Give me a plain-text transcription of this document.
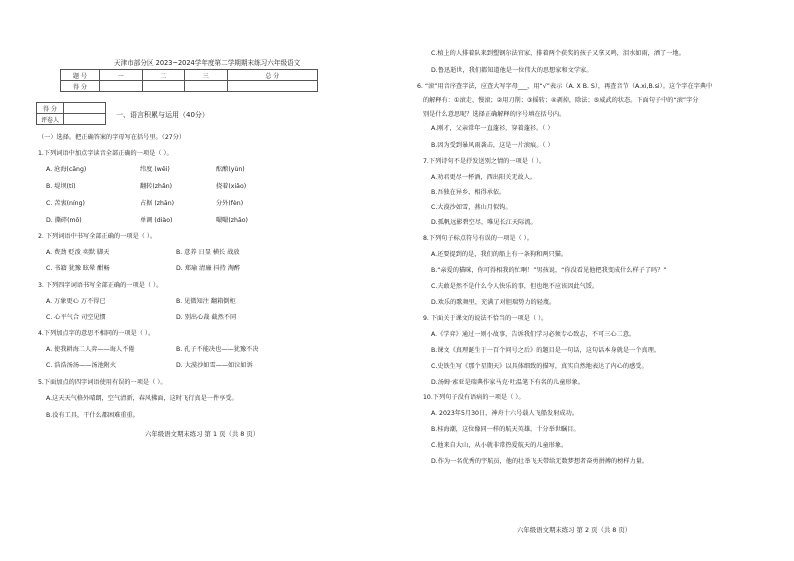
天津市部分区 2023~2024学年度第二学期期末练习六年级语文
题 号	一	二	三	总 分
得 分				
得 分	
评卷人	
一、语言积累与运用（40分）
（一）选择。把正确答案的字母写在括号里。（27分）
1.下列词语中加点字读音全部正确的一项是（ ）。
A. 沧海(cāng)	纬度 (wěi)	酝酿(yùn)
B. 堤坝(tí)	翻转(zhǎn)	挠着(xiǎo)
C. 苦衷(níng)	占据 (zhān)	分外(fèn)
D. 撕碎(mō)	单调 (diào)	嘬嘬(zhāo)
2. 下列词语中书写全部正确的一项是（ ）。
A. 费劲 贬泼 奕默 脚天	B. 意养 日显 横长 战放
C. 书籍 犹豫 眩晕 酣畅	D. 郑瑜 清廉 抖持 淘醉
3. 下列四字词语书写全部正确的一项是（ ）。
A. 万象更心 万不得已	B. 见微知注 翻箱倒柜
C. 心平气合 司空见惯	D. 别出心裁 截然不同
4.下列加点字的意思不相同的一项是（ ）。
A. 使我耕海二人弈——诲人不倦	B. 孔子不能决也——犹豫不决
C. 浩浩汤汤——汤池附火	D. 大漠沙如雪——如泣如诉
5.下面加点的四字词语使用有误的一项是（ ）。
A.这天天气格外晴朗，空气清新，春风拂面，这时飞行真是一件享受。
B.没有工具，干什么都困难重重。
六年级语文期末练习 第 1 页（共 8 页）
C.植上的人排着队来到塑钢尔法官家，排着两个获奖的孩子又拿又鸣，泪水如雨，洒了一地。
D.鲁迅逝世，我们都知道他是一位伟大的思想家和文学家。
6. “滚”用音序查字法，应查大写字母___，用“√”表示（A. X B. S），再查音节（A.xi,B.si）。这个字在字典中
的解释有：①滚走、慢滚；②用刀削；③摇转；④剥掉，除法；⑤威武的状态。下面句子中的“滚”字分
别是什么意思呢？选择正确解释的序号填在括号内。
A.刚才，父亲常年一直蓬衫，穿着蓬衫。（ ）
B.因为受到暴风雨袭击，这是一片滚痕。（ ）
7.下列诗句不是抒发送别之情的一项是（ ）。
A.劝君更尽一杯酒，西出阳关无故人。
B.吾独在异乡，相得承依。
C.大漠沙如雪，燕山月似钩。
D.孤帆远影碧空尽，唯见长江天际流。
8.下列句子标点符号有误的一项是（ ）。
A.还要提到的是，我们的船上有一条狗和两只猫。
B.“亲爱的猫咪，你可得相我的忙啊！”男孩说，“你没看见他把我变成什么样子了吗？”
C.夫敢是然不是什么令人快乐的事，但也绝不应该因此气馁。
D.欢乐的歌舞里，充满了对胆瑞势力的轻蔑。
9. 下面关于课文的说法不恰当的一项是（ ）。
A.《学弈》通过一则小故事，告诉我们学习必须专心致志，不可三心二意。
B.课文《真理诞生于一百个问号之后》的题目是一句话，这句话本身就是一个真理。
C.史铁生写《那个星期天》以具体细致的描写，真实自然地表达了内心的感受。
D.汤姆·索亚是瑞典作家马克·吐温笔下有名的儿童形象。
10.下列句子没有语病的一项是（ ）。
A. 2023年5月30日，神舟十六号载人飞船发射成功。
B.桂海潮，这位像同一样的航天英雄，十分举世瞩目。
C.他来自大山，从小就非常热爱航天的儿童形象。
D.作为一名优秀的宇航员，他的壮举飞天带给无数梦想者奋勇拼搏的榜样力量。
六年级语文期末练习 第 2 页（共 8 页）
